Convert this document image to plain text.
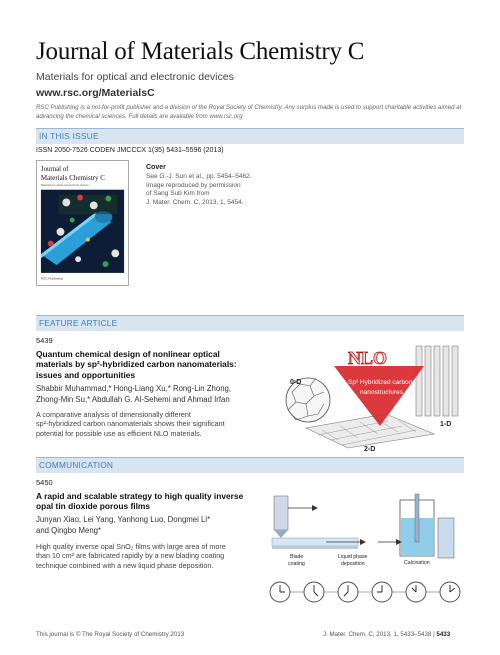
Journal of Materials Chemistry C
Materials for optical and electronic devices
www.rsc.org/MaterialsC
RSC Publishing is a not-for-profit publisher and a division of the Royal Society of Chemistry. Any surplus made is used to support charitable activities aimed at advancing the chemical sciences. Full details are available from www.rsc.org
IN THIS ISSUE
ISSN 2050-7526 CODEN JMCCCX 1(35) 5431–5596 (2013)
Journal of
Materials Chemistry C
Materials for optical and electronic devices
RSC Publishing
Cover
See G.-J. Sun et al., pp. 5454–5462.
Image reproduced by permission
of Sang Sub Kim from
J. Mater. Chem. C, 2013, 1, 5454.
FEATURE ARTICLE
5439
Quantum chemical design of nonlinear optical
materials by sp²-hybridized carbon nanomaterials:
issues and opportunities
Shabbir Muhammad,* Hong-Liang Xu,* Rong-Lin Zhong,
Zhong-Min Su,* Abdullah G. Al-Sehemi and Ahmad Irfan
A comparative analysis of dimensionally different
sp²-hybridized carbon nanomaterials shows their significant
potential for possible use as efficient NLO materials.
NLO
Sp² Hybridized carbon
nanostructures
0-D
1-D
2-D
COMMUNICATION
5450
A rapid and scalable strategy to high quality inverse
opal tin dioxide porous films
Junyan Xiao, Lei Yang, Yanhong Luo, Dongmei Li*
and Qingbo Meng*
High quality inverse opal SnO₂ films with large area of more
than 10 cm² are fabricated rapidly by a new blading coating
technique combined with a new liquid phase deposition.
Blade
coating
Liquid phase
deposition	Calcination
This journal is © The Royal Society of Chemistry 2013	J. Mater. Chem. C, 2013, 1, 5433–5438 | 5433
